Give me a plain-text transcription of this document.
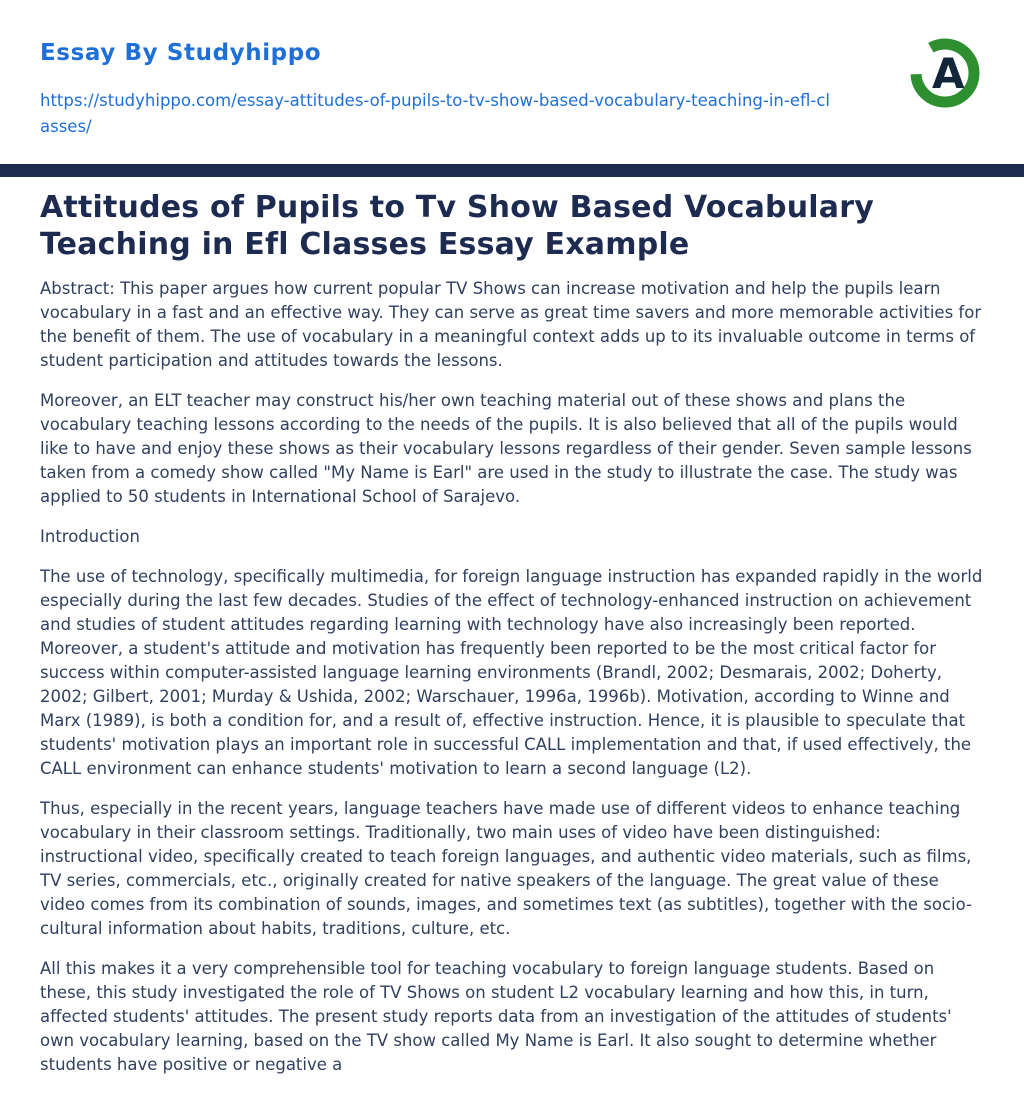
Essay By Studyhippo
https://studyhippo.com/essay-attitudes-of-pupils-to-tv-show-based-vocabulary-teaching-in-efl-classes/
A
Attitudes of Pupils to Tv Show Based Vocabulary Teaching in Efl Classes Essay Example

Abstract: This paper argues how current popular TV Shows can increase motivation and help the pupils learn vocabulary in a fast and an effective way. They can serve as great time savers and more memorable activities for the benefit of them. The use of vocabulary in a meaningful context adds up to its invaluable outcome in terms of student participation and attitudes towards the lessons.

Moreover, an ELT teacher may construct his/her own teaching material out of these shows and plans the vocabulary teaching lessons according to the needs of the pupils. It is also believed that all of the pupils would like to have and enjoy these shows as their vocabulary lessons regardless of their gender. Seven sample lessons taken from a comedy show called "My Name is Earl" are used in the study to illustrate the case. The study was applied to 50 students in International School of Sarajevo.

Introduction

The use of technology, specifically multimedia, for foreign language instruction has expanded rapidly in the world especially during the last few decades. Studies of the effect of technology-enhanced instruction on achievement and studies of student attitudes regarding learning with technology have also increasingly been reported. Moreover, a student's attitude and motivation has frequently been reported to be the most critical factor for success within computer-assisted language learning environments (Brandl, 2002; Desmarais, 2002; Doherty, 2002; Gilbert, 2001; Murday & Ushida, 2002; Warschauer, 1996a, 1996b). Motivation, according to Winne and Marx (1989), is both a condition for, and a result of, effective instruction. Hence, it is plausible to speculate that students' motivation plays an important role in successful CALL implementation and that, if used effectively, the CALL environment can enhance students' motivation to learn a second language (L2).

Thus, especially in the recent years, language teachers have made use of different videos to enhance teaching vocabulary in their classroom settings. Traditionally, two main uses of video have been distinguished: instructional video, specifically created to teach foreign languages, and authentic video materials, such as films, TV series, commercials, etc., originally created for native speakers of the language. The great value of these video comes from its combination of sounds, images, and sometimes text (as subtitles), together with the socio-cultural information about habits, traditions, culture, etc.

All this makes it a very comprehensible tool for teaching vocabulary to foreign language students. Based on these, this study investigated the role of TV Shows on student L2 vocabulary learning and how this, in turn, affected students' attitudes. The present study reports data from an investigation of the attitudes of students' own vocabulary learning, based on the TV show called My Name is Earl. It also sought to determine whether students have positive or negative a
